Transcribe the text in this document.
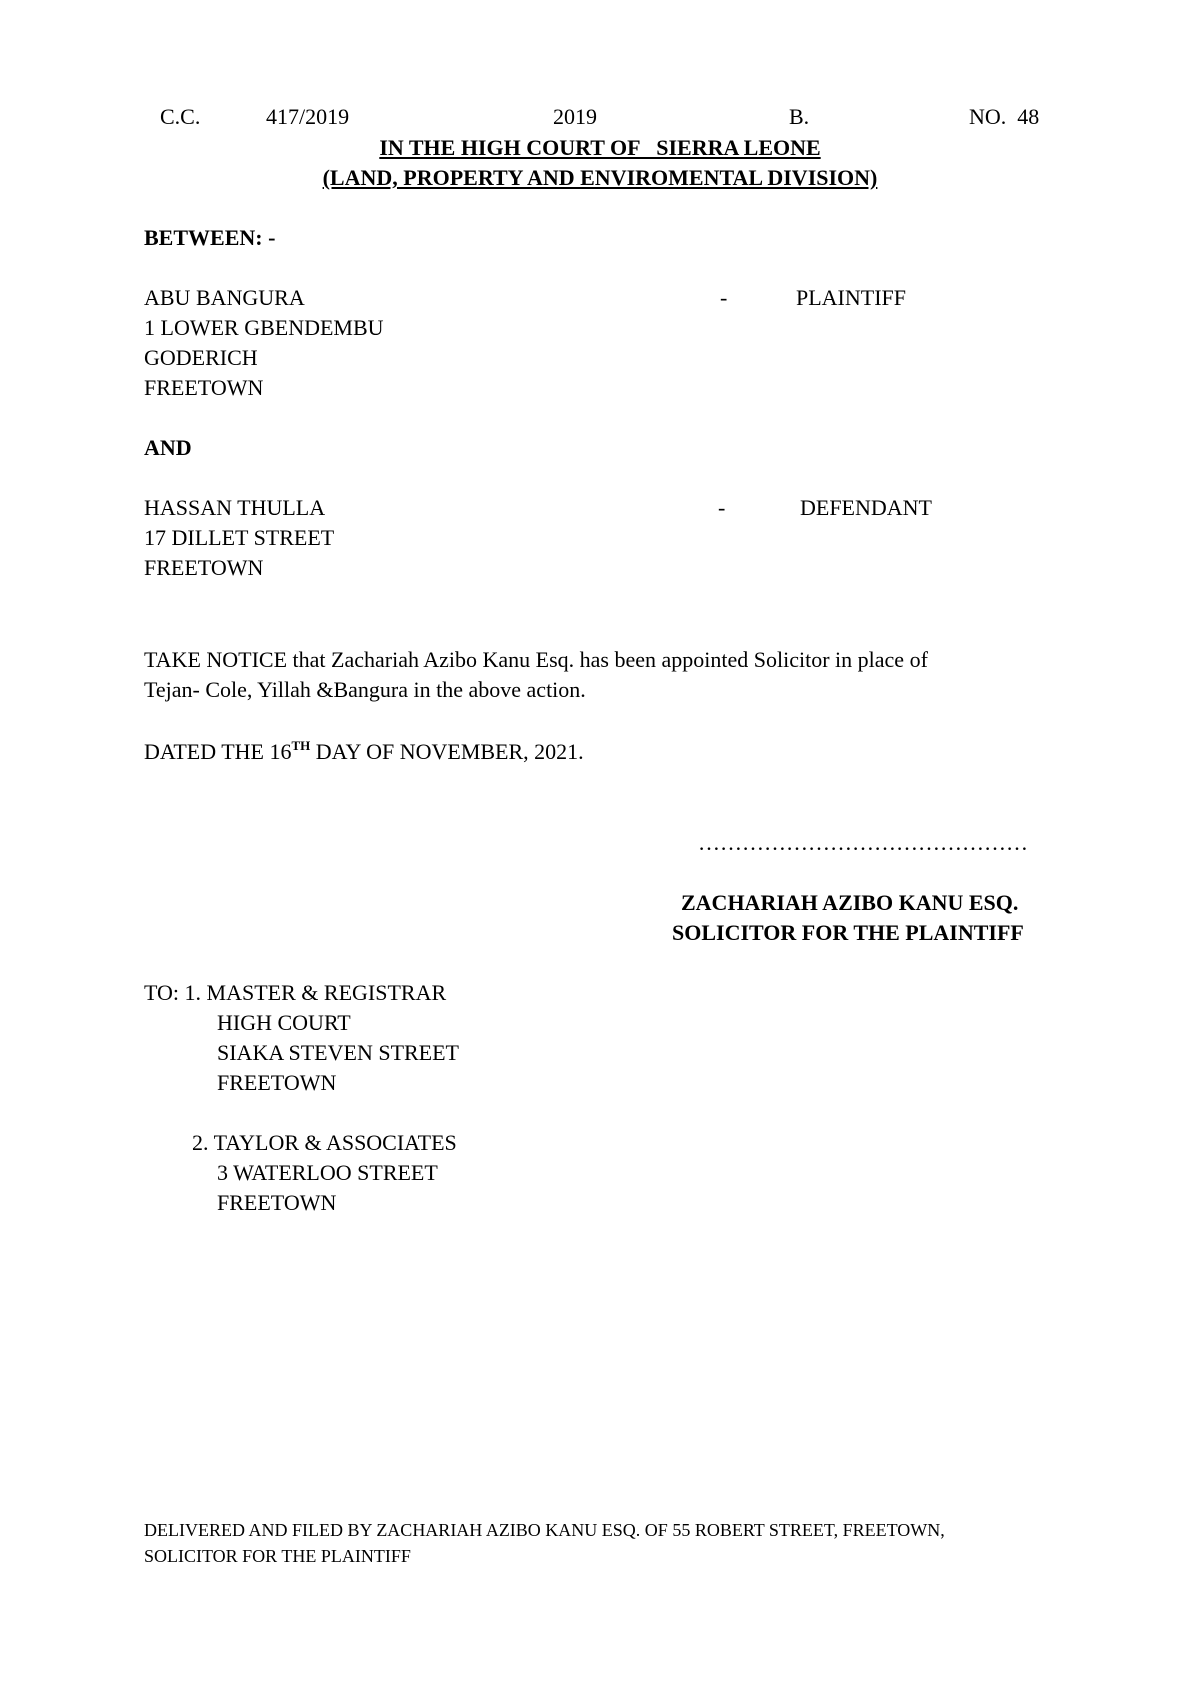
C.C.	417/2019	2019	B.	NO.  48
IN THE HIGH COURT OF   SIERRA LEONE
(LAND, PROPERTY AND ENVIROMENTAL DIVISION)
BETWEEN: -
ABU BANGURA	-	PLAINTIFF
1 LOWER GBENDEMBU
GODERICH
FREETOWN
AND
HASSAN THULLA	-	DEFENDANT
17 DILLET STREET
FREETOWN
TAKE NOTICE that Zachariah Azibo Kanu Esq. has been appointed Solicitor in place of
Tejan- Cole, Yillah &Bangura in the above action.
DATED THE 16TH DAY OF NOVEMBER, 2021.
………………………………………
ZACHARIAH AZIBO KANU ESQ.
SOLICITOR FOR THE PLAINTIFF
TO: 1. MASTER & REGISTRAR
HIGH COURT
SIAKA STEVEN STREET
FREETOWN
2. TAYLOR & ASSOCIATES
3 WATERLOO STREET
FREETOWN
DELIVERED AND FILED BY ZACHARIAH AZIBO KANU ESQ. OF 55 ROBERT STREET, FREETOWN,
SOLICITOR FOR THE PLAINTIFF
